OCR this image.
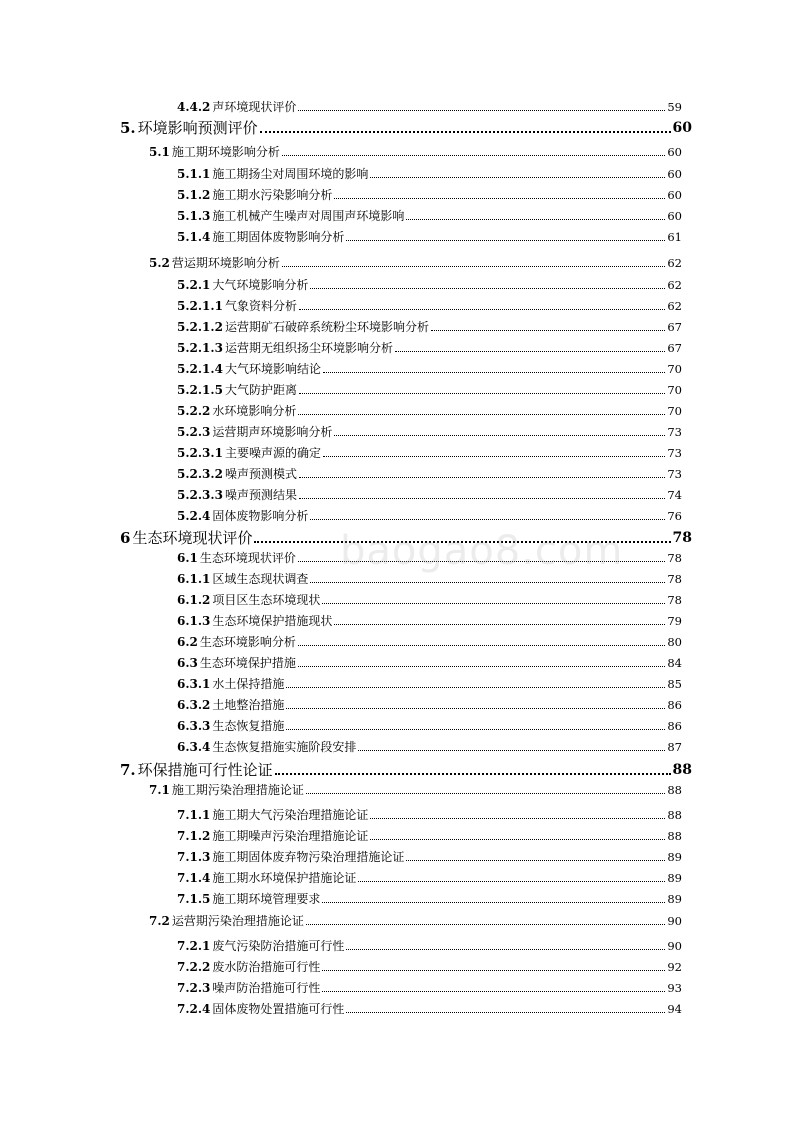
4.4.2 声环境现状评价	59
5. 环境影响预测评价	60
5.1 施工期环境影响分析	60
5.1.1 施工期扬尘对周围环境的影响	60
5.1.2 施工期水污染影响分析	60
5.1.3 施工机械产生噪声对周围声环境影响	60
5.1.4 施工期固体废物影响分析	61
5.2 营运期环境影响分析	62
5.2.1 大气环境影响分析	62
5.2.1.1 气象资料分析	62
5.2.1.2 运营期矿石破碎系统粉尘环境影响分析	67
5.2.1.3 运营期无组织扬尘环境影响分析	67
5.2.1.4 大气环境影响结论	70
5.2.1.5 大气防护距离	70
5.2.2 水环境影响分析	70
5.2.3 运营期声环境影响分析	73
5.2.3.1 主要噪声源的确定	73
5.2.3.2 噪声预测模式	73
5.2.3.3 噪声预测结果	74
5.2.4 固体废物影响分析	76
6 生态环境现状评价	78
6.1 生态环境现状评价	78
6.1.1 区域生态现状调查	78
6.1.2 项目区生态环境现状	78
6.1.3 生态环境保护措施现状	79
6.2 生态环境影响分析	80
6.3 生态环境保护措施	84
6.3.1 水土保持措施	85
6.3.2 土地整治措施	86
6.3.3 生态恢复措施	86
6.3.4 生态恢复措施实施阶段安排	87
7. 环保措施可行性论证	88
7.1 施工期污染治理措施论证	88
7.1.1 施工期大气污染治理措施论证	88
7.1.2 施工期噪声污染治理措施论证	88
7.1.3 施工期固体废弃物污染治理措施论证	89
7.1.4 施工期水环境保护措施论证	89
7.1.5 施工期环境管理要求	89
7.2 运营期污染治理措施论证	90
7.2.1 废气污染防治措施可行性	90
7.2.2 废水防治措施可行性	92
7.2.3 噪声防治措施可行性	93
7.2.4 固体废物处置措施可行性	94
baogao8.com
